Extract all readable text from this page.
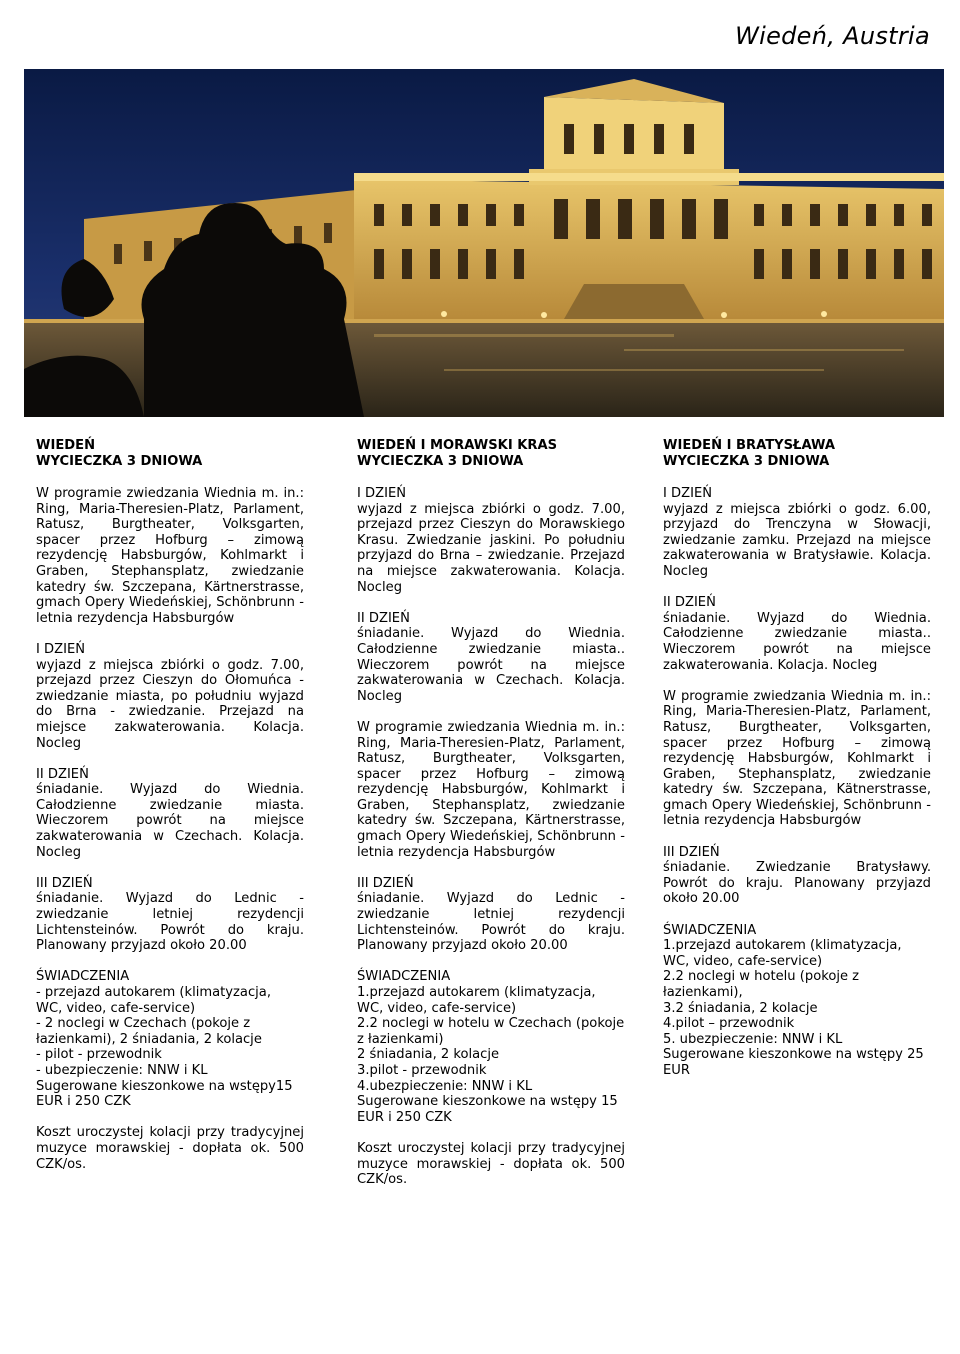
Wiedeń, Austria
WIEDEŃ
WYCIECZKA 3 DNIOWA
W programie zwiedzania Wiednia m. in.: Ring, Maria-Theresien-Platz, Parlament, Ratusz, Burgtheater, Volksgarten, spacer przez Hofburg – zimową rezydencję Habsburgów, Kohlmarkt i Graben, Stephansplatz, zwiedzanie katedry św. Szczepana, Kärtnerstrasse, gmach Opery Wiedeńskiej, Schönbrunn - letnia rezydencja Habsburgów
I DZIEŃ
wyjazd z miejsca zbiórki o godz. 7.00, przejazd przez Cieszyn do Ołomuńca - zwiedzanie miasta, po południu wyjazd do Brna - zwiedzanie. Przejazd na miejsce zakwaterowania. Kolacja. Nocleg
II DZIEŃ
śniadanie. Wyjazd do Wiednia. Całodzienne zwiedzanie miasta. Wieczorem powrót na miejsce zakwaterowania w Czechach. Kolacja. Nocleg
III DZIEŃ
śniadanie. Wyjazd do Lednic - zwiedzanie letniej rezydencji Lichtensteinów. Powrót do kraju. Planowany przyjazd około 20.00
ŚWIADCZENIA
- przejazd autokarem (klimatyzacja,
WC, video, cafe-service)
- 2 noclegi w Czechach (pokoje z
łazienkami), 2 śniadania, 2 kolacje
- pilot - przewodnik
- ubezpieczenie: NNW i KL
Sugerowane kieszonkowe na wstępy15
EUR i 250 CZK
Koszt uroczystej kolacji przy tradycyjnej muzyce morawskiej - dopłata ok. 500 CZK/os.
WIEDEŃ I MORAWSKI KRAS
WYCIECZKA 3 DNIOWA
I DZIEŃ
wyjazd z miejsca zbiórki o godz. 7.00, przejazd przez Cieszyn do Morawskiego Krasu. Zwiedzanie jaskini. Po południu przyjazd do Brna – zwiedzanie. Przejazd na miejsce zakwaterowania. Kolacja. Nocleg
II DZIEŃ
śniadanie. Wyjazd do Wiednia. Całodzienne zwiedzanie miasta.. Wieczorem powrót na miejsce zakwaterowania w Czechach. Kolacja. Nocleg
W programie zwiedzania Wiednia m. in.: Ring, Maria-Theresien-Platz, Parlament, Ratusz, Burgtheater, Volksgarten, spacer przez Hofburg – zimową rezydencję Habsburgów, Kohlmarkt i Graben, Stephansplatz, zwiedzanie katedry św. Szczepana, Kärtnerstrasse, gmach Opery Wiedeńskiej, Schönbrunn - letnia rezydencja Habsburgów
III DZIEŃ
śniadanie. Wyjazd do Lednic - zwiedzanie letniej rezydencji Lichtensteinów. Powrót do kraju. Planowany przyjazd około 20.00
ŚWIADCZENIA
1.przejazd autokarem (klimatyzacja,
WC, video, cafe-service)
2.2 noclegi w hotelu w Czechach (pokoje
z łazienkami)
2 śniadania, 2 kolacje
3.pilot - przewodnik
4.ubezpieczenie: NNW i KL
Sugerowane kieszonkowe na wstępy 15
EUR i 250 CZK
Koszt uroczystej kolacji przy tradycyjnej muzyce morawskiej - dopłata ok. 500 CZK/os.
WIEDEŃ I BRATYSŁAWA
WYCIECZKA 3 DNIOWA
I DZIEŃ
wyjazd z miejsca zbiórki o godz. 6.00, przyjazd do Trenczyna w Słowacji, zwiedzanie zamku. Przejazd na miejsce zakwaterowania w Bratysławie. Kolacja. Nocleg
II DZIEŃ
śniadanie. Wyjazd do Wiednia. Całodzienne zwiedzanie miasta.. Wieczorem powrót na miejsce zakwaterowania. Kolacja. Nocleg
W programie zwiedzania Wiednia m. in.: Ring, Maria-Theresien-Platz, Parlament, Ratusz, Burgtheater, Volksgarten, spacer przez Hofburg – zimową rezydencję Habsburgów, Kohlmarkt i Graben, Stephansplatz, zwiedzanie katedry św. Szczepana, Kätnerstrasse, gmach Opery Wiedeńskiej, Schönbrunn - letnia rezydencja Habsburgów
III DZIEŃ
śniadanie. Zwiedzanie Bratysławy. Powrót do kraju. Planowany przyjazd około 20.00
ŚWIADCZENIA
1.przejazd autokarem (klimatyzacja,
WC, video, cafe-service)
2.2 noclegi w hotelu (pokoje z
łazienkami),
3.2 śniadania, 2 kolacje
4.pilot – przewodnik
5. ubezpieczenie: NNW i KL
Sugerowane kieszonkowe na wstępy 25
EUR
